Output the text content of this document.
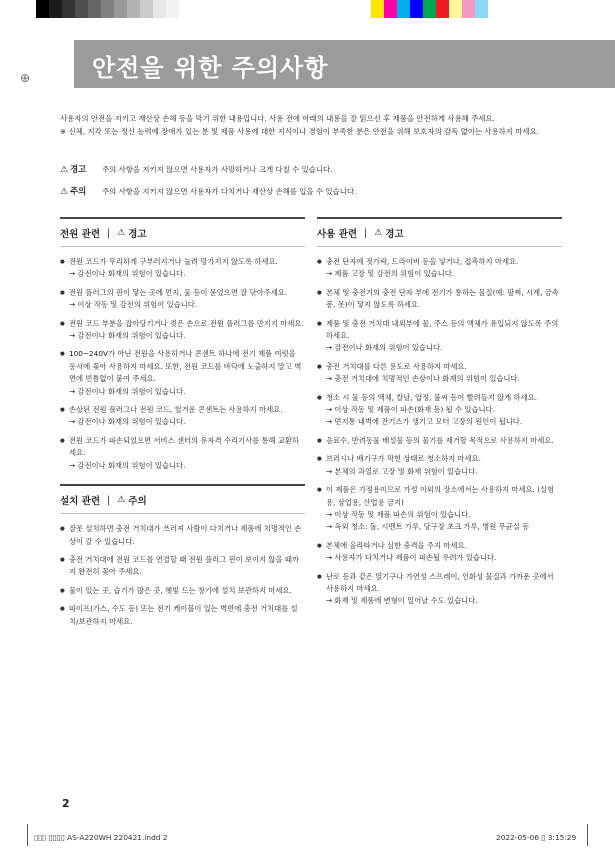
⊕	안전을 위한 주의사항

사용자의 안전을 지키고 재산상 손해 등을 막기 위한 내용입니다. 사용 전에 아래의 내용을 잘 읽으신 후 제품을 안전하게 사용해 주세요.

※ 신체, 지각 또는 정신 능력에 장애가 있는 분 및 제품 사용에 대한 지식이나 경험이 부족한 분은 안전을 위해 보호자의 감독 없이는 사용하지 마세요.

⚠ 경고	주의 사항을 지키지 않으면 사용자가 사망하거나 크게 다칠 수 있습니다.
⚠ 주의	주의 사항을 지키지 않으면 사용자가 다치거나 재산상 손해를 입을 수 있습니다.
전원 관련 | ⚠ 경고
● 전원 코드가 무리하게 구부러지거나 눌려 망가지지 않도록 하세요.
→ 감전이나 화재의 위험이 있습니다.
● 전원 플러그의 핀이 닿는 곳에 먼지, 물 등이 묻었으면 잘 닦아주세요.
→ 이상 작동 및 감전의 위험이 있습니다.
● 전원 코드 부분을 잡아당기거나 젖은 손으로 전원 플러그를 만지지 마세요.
→ 감전이나 화재의 위험이 있습니다.
● 100~240V가 아닌 전원을 사용하거나 콘센트 하나에 전기 제품 여럿을 동시에 꽂아 사용하지 마세요. 또한, 전원 코드를 바닥에 노출하지 말고 벽면에 빈틈없이 붙여 주세요.
→ 감전이나 화재의 위험이 있습니다.
● 손상된 전원 플러그나 전원 코드, 헐거운 콘센트는 사용하지 마세요.
→ 감전이나 화재의 위험이 있습니다.
● 전원 코드가 파손되었으면 서비스 센터의 유자격 수리기사를 통해 교환하세요.
→ 감전이나 화재의 위험이 있습니다.
설치 관련 | ⚠ 주의
● 잘못 설치하면 충전 거치대가 쓰러져 사람이 다치거나 제품에 치명적인 손상이 갈 수 있습니다.
● 충전 거치대에 전원 코드를 연결할 때 전원 플러그 핀이 보이지 않을 때까지 완전히 꽂아 주세요.
● 물이 있는 곳, 습기가 많은 곳, 햇빛 드는 창가에 설치 보관하지 마세요.
● 파이프(가스, 수도 등) 또는 전기 케이블이 있는 벽면에 충전 거치대를 설치/보관하지 마세요.
사용 관련 | ⚠ 경고
● 충전 단자에 젓가락, 드라이버 등을 넣거나, 접촉하지 마세요.
→ 제품 고장 및 감전의 위험이 있습니다.
● 본체 및 충전기의 충전 단자 부에 전기가 통하는 물질(예: 팔찌, 시계, 금속 봉, 못)이 닿지 않도록 하세요.
● 제품 및 충전 거치대 내외부에 물, 주스 등의 액체가 유입되지 않도록 주의하세요.
→ 감전이나 화재의 위험이 있습니다.
● 충전 거치대를 다른 용도로 사용하지 마세요.
→ 충전 거치대에 치명적인 손상이나 화재의 위험이 있습니다.
● 청소 시 물 등의 액체, 칼날, 압정, 불씨 등이 빨려들지 않게 하세요.
→ 이상 작동 및 제품이 파손(화재 등) 될 수 있습니다.
→ 먼지통 내벽에 잔기스가 생기고 모터 고장의 원인이 됩니다.
● 음료수, 반려동물 배설물 등의 물기를 제거할 목적으로 사용하지 마세요.
● 브러시나 배기구가 막힌 상태로 청소하지 마세요.
→ 본체의 과열로 고장 및 화재 위험이 있습니다.
● 이 제품은 가정용이므로 가정 이외의 장소에서는 사용하지 마세요. (실험용, 상업용, 산업용 금지)
→ 이상 작동 및 제품 파손의 위험이 있습니다.
→ 옥외 청소: 돌, 시멘트 가루, 당구장 초크 가루, 병원 무균실 등
● 본체에 올라타거나 심한 충격을 주지 마세요.
→ 사용자가 다치거나 제품이 파손될 우려가 있습니다.
● 난로 등과 같은 열기구나 가연성 스프레이, 인화성 물질과 가까운 곳에서 사용하지 마세요.
→ 화재 및 제품에 변형이 일어날 수도 있습니다.
2
▯▯▯ ▯▯▯▯ AS-A220WH 220421.indd 2	2022-05-06 ▯ 3:15:29
